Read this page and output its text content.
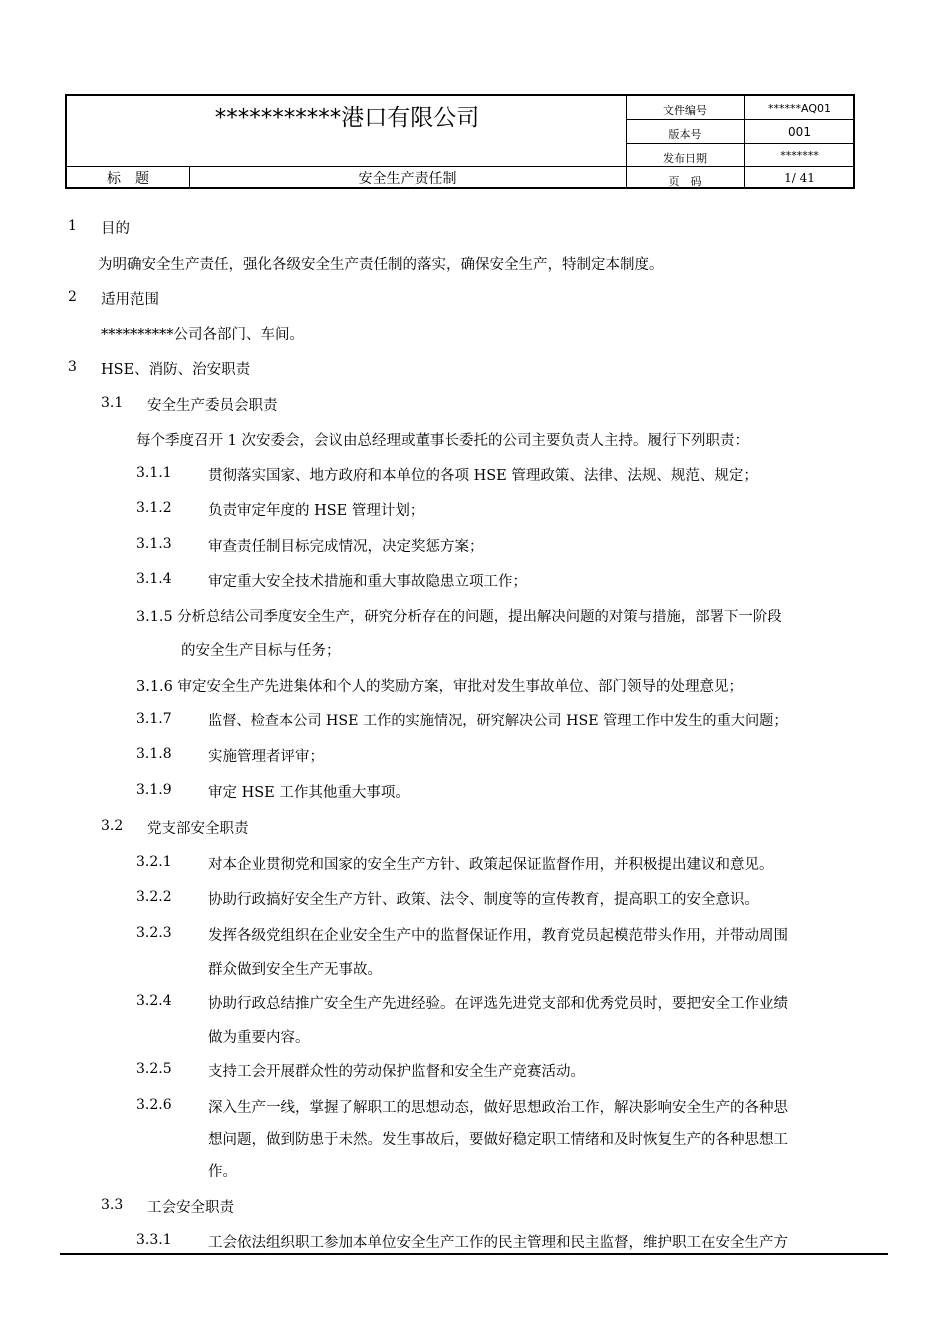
***********港口有限公司	文件编号	******AQ01
版本号	001
发布日期	*******
标　题	安全生产责任制	页　码	1/ 41
1 目的
为明确安全生产责任，强化各级安全生产责任制的落实，确保安全生产，特制定本制度。
2 适用范围
**********公司各部门、车间。
3 HSE、消防、治安职责
3.1 安全生产委员会职责
每个季度召开 1 次安委会，会议由总经理或董事长委托的公司主要负责人主持。履行下列职责：
3.1.1	贯彻落实国家、地方政府和本单位的各项 HSE 管理政策、法律、法规、规范、规定；
3.1.2	负责审定年度的 HSE 管理计划；
3.1.3	审查责任制目标完成情况，决定奖惩方案；
3.1.4	审定重大安全技术措施和重大事故隐患立项工作；
3.1.5 分析总结公司季度安全生产，研究分析存在的问题，提出解决问题的对策与措施，部署下一阶段
的安全生产目标与任务；
3.1.6 审定安全生产先进集体和个人的奖励方案，审批对发生事故单位、部门领导的处理意见；
3.1.7	监督、检查本公司 HSE 工作的实施情况，研究解决公司 HSE 管理工作中发生的重大问题；
3.1.8	实施管理者评审；
3.1.9	审定 HSE 工作其他重大事项。
3.2 党支部安全职责
3.2.1	对本企业贯彻党和国家的安全生产方针、政策起保证监督作用，并积极提出建议和意见。
3.2.2	协助行政搞好安全生产方针、政策、法令、制度等的宣传教育，提高职工的安全意识。
3.2.3	发挥各级党组织在企业安全生产中的监督保证作用，教育党员起模范带头作用，并带动周围
群众做到安全生产无事故。
3.2.4	协助行政总结推广安全生产先进经验。在评选先进党支部和优秀党员时，要把安全工作业绩
做为重要内容。
3.2.5	支持工会开展群众性的劳动保护监督和安全生产竞赛活动。
3.2.6	深入生产一线，掌握了解职工的思想动态，做好思想政治工作，解决影响安全生产的各种思
想问题，做到防患于未然。发生事故后，要做好稳定职工情绪和及时恢复生产的各种思想工
作。
3.3 工会安全职责
3.3.1	工会依法组织职工参加本单位安全生产工作的民主管理和民主监督，维护职工在安全生产方
